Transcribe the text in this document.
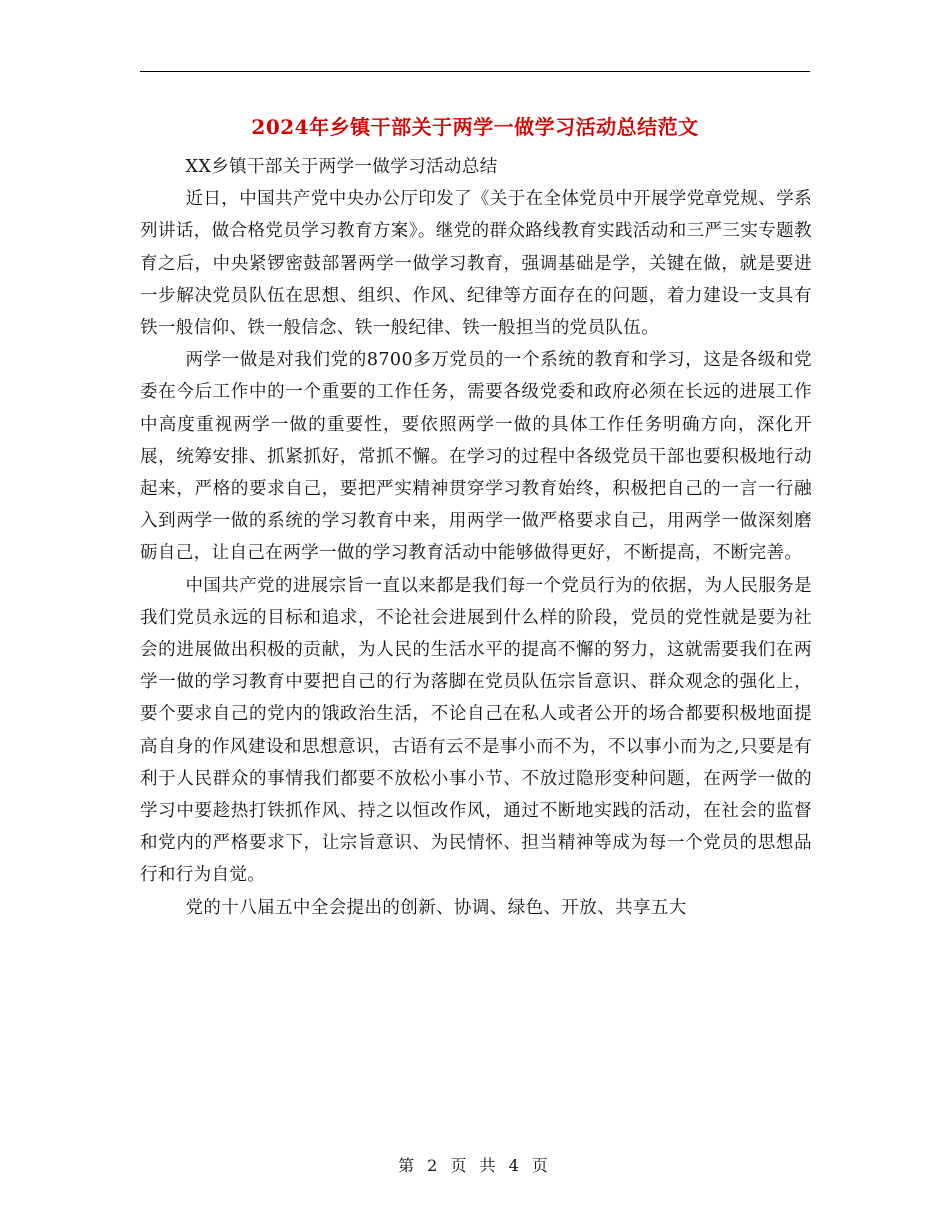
2024年乡镇干部关于两学一做学习活动总结范文

XX乡镇干部关于两学一做学习活动总结

近日，中国共产党中央办公厅印发了《关于在全体党员中开展学党章党规、学系列讲话，做合格党员学习教育方案》。继党的群众路线教育实践活动和三严三实专题教育之后，中央紧锣密鼓部署两学一做学习教育，强调基础是学，关键在做，就是要进一步解决党员队伍在思想、组织、作风、纪律等方面存在的问题，着力建设一支具有铁一般信仰、铁一般信念、铁一般纪律、铁一般担当的党员队伍。

两学一做是对我们党的8700多万党员的一个系统的教育和学习，这是各级和党委在今后工作中的一个重要的工作任务，需要各级党委和政府必须在长远的进展工作中高度重视两学一做的重要性，要依照两学一做的具体工作任务明确方向，深化开展，统筹安排、抓紧抓好，常抓不懈。在学习的过程中各级党员干部也要积极地行动起来，严格的要求自己，要把严实精神贯穿学习教育始终，积极把自己的一言一行融入到两学一做的系统的学习教育中来，用两学一做严格要求自己，用两学一做深刻磨砺自己，让自己在两学一做的学习教育活动中能够做得更好，不断提高，不断完善。

中国共产党的进展宗旨一直以来都是我们每一个党员行为的依据，为人民服务是我们党员永远的目标和追求，不论社会进展到什么样的阶段，党员的党性就是要为社会的进展做出积极的贡献，为人民的生活水平的提高不懈的努力，这就需要我们在两学一做的学习教育中要把自己的行为落脚在党员队伍宗旨意识、群众观念的强化上，要个要求自己的党内的饿政治生活，不论自己在私人或者公开的场合都要积极地面提高自身的作风建设和思想意识，古语有云不是事小而不为，不以事小而为之,只要是有利于人民群众的事情我们都要不放松小事小节、不放过隐形变种问题，在两学一做的学习中要趁热打铁抓作风、持之以恒改作风，通过不断地实践的活动，在社会的监督和党内的严格要求下，让宗旨意识、为民情怀、担当精神等成为每一个党员的思想品行和行为自觉。

党的十八届五中全会提出的创新、协调、绿色、开放、共享五大

第 2 页 共 4 页
